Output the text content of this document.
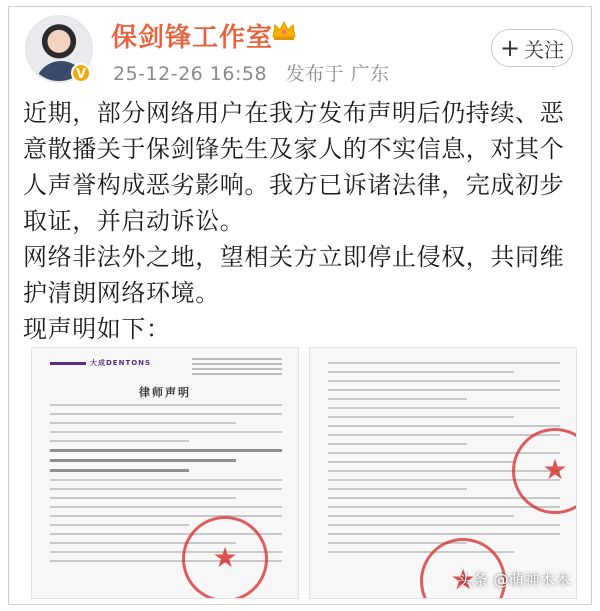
V
保剑锋工作室
25-12-26 16:58 发布于 广东
+ 关注

近期，部分网络用户在我方发布声明后仍持续、恶意散播关于保剑锋先生及家人的不实信息，对其个人声誉构成恶劣影响。我方已诉诸法律，完成初步取证，并启动诉讼。

网络非法外之地，望相关方立即停止侵权，共同维护清朗网络环境。

现声明如下：

大成DENTONS
律师声明
★
★
★
头条 @萌神木木
